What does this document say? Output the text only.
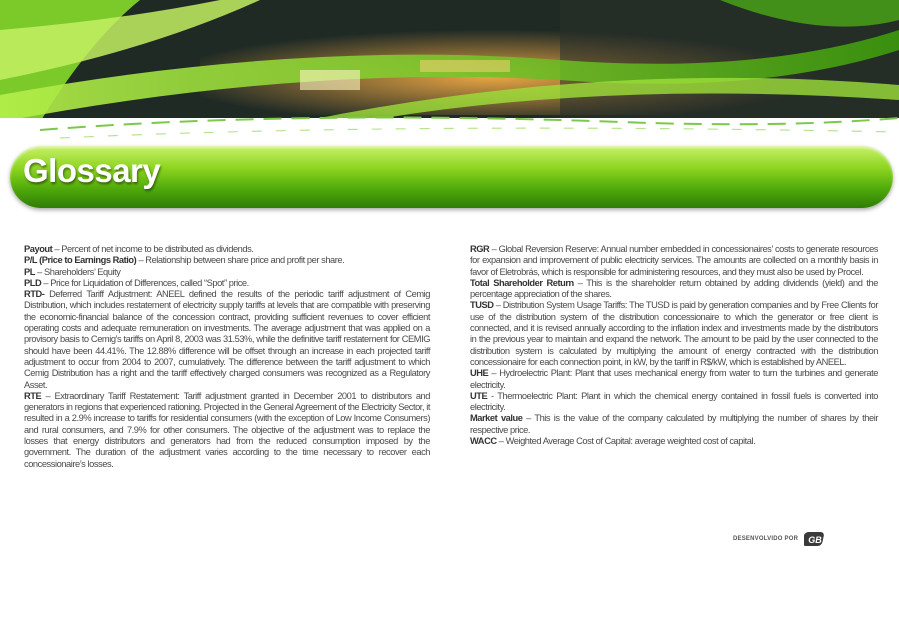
Glossary

Payout – Percent of net income to be distributed as dividends.

P/L (Price to Earnings Ratio) – Relationship between share price and profit per share.

PL – Shareholders’ Equity

PLD – Price for Liquidation of Differences, called “Spot” price.

RTD- Deferred Tariff Adjustment: ANEEL defined the results of the periodic tariff adjustment of Cemig Distribution, which includes restatement of electricity supply tariffs at levels that are compatible with preserving the economic-financial balance of the concession contract, providing sufficient revenues to cover efficient operating costs and adequate remuneration on investments. The average adjustment that was applied on a provisory basis to Cemig’s tariffs on April 8, 2003 was 31.53%, while the definitive tariff restatement for CEMIG should have been 44.41%. The 12.88% difference will be offset through an increase in each projected tariff adjustment to occur from 2004 to 2007, cumulatively. The difference between the tariff adjustment to which Cemig Distribution has a right and the tariff effectively charged consumers was recognized as a Regulatory Asset.

RTE – Extraordinary Tariff Restatement: Tariff adjustment granted in December 2001 to distributors and generators in regions that experienced rationing. Projected in the General Agreement of the Electricity Sector, it resulted in a 2.9% increase to tariffs for residential consumers (with the exception of Low Income Consumers) and rural consumers, and 7.9% for other consumers. The objective of the adjustment was to replace the losses that energy distributors and generators had from the reduced consumption imposed by the government. The duration of the adjustment varies according to the time necessary to recover each concessionaire’s losses.

RGR – Global Reversion Reserve: Annual number embedded in concessionaires’ costs to generate resources for expansion and improvement of public electricity services. The amounts are collected on a monthly basis in favor of Eletrobrás, which is responsible for administering resources, and they must also be used by Procel.

Total Shareholder Return – This is the shareholder return obtained by adding dividends (yield) and the percentage appreciation of the shares.

TUSD – Distribution System Usage Tariffs: The TUSD is paid by generation companies and by Free Clients for use of the distribution system of the distribution concessionaire to which the generator or free client is connected, and it is revised annually according to the inflation index and investments made by the distributors in the previous year to maintain and expand the network. The amount to be paid by the user connected to the distribution system is calculated by multiplying the amount of energy contracted with the distribution concessionaire for each connection point, in kW, by the tariff in R$/kW, which is established by ANEEL.

UHE – Hydroelectric Plant: Plant that uses mechanical energy from water to turn the turbines and generate electricity.

UTE - Thermoelectric Plant: Plant in which the chemical energy contained in fossil fuels is converted into electricity.

Market value – This is the value of the company calculated by multiplying the number of shares by their respective price.

WACC – Weighted Average Cost of Capital: average weighted cost of capital.

DESENVOLVIDO POR GB
